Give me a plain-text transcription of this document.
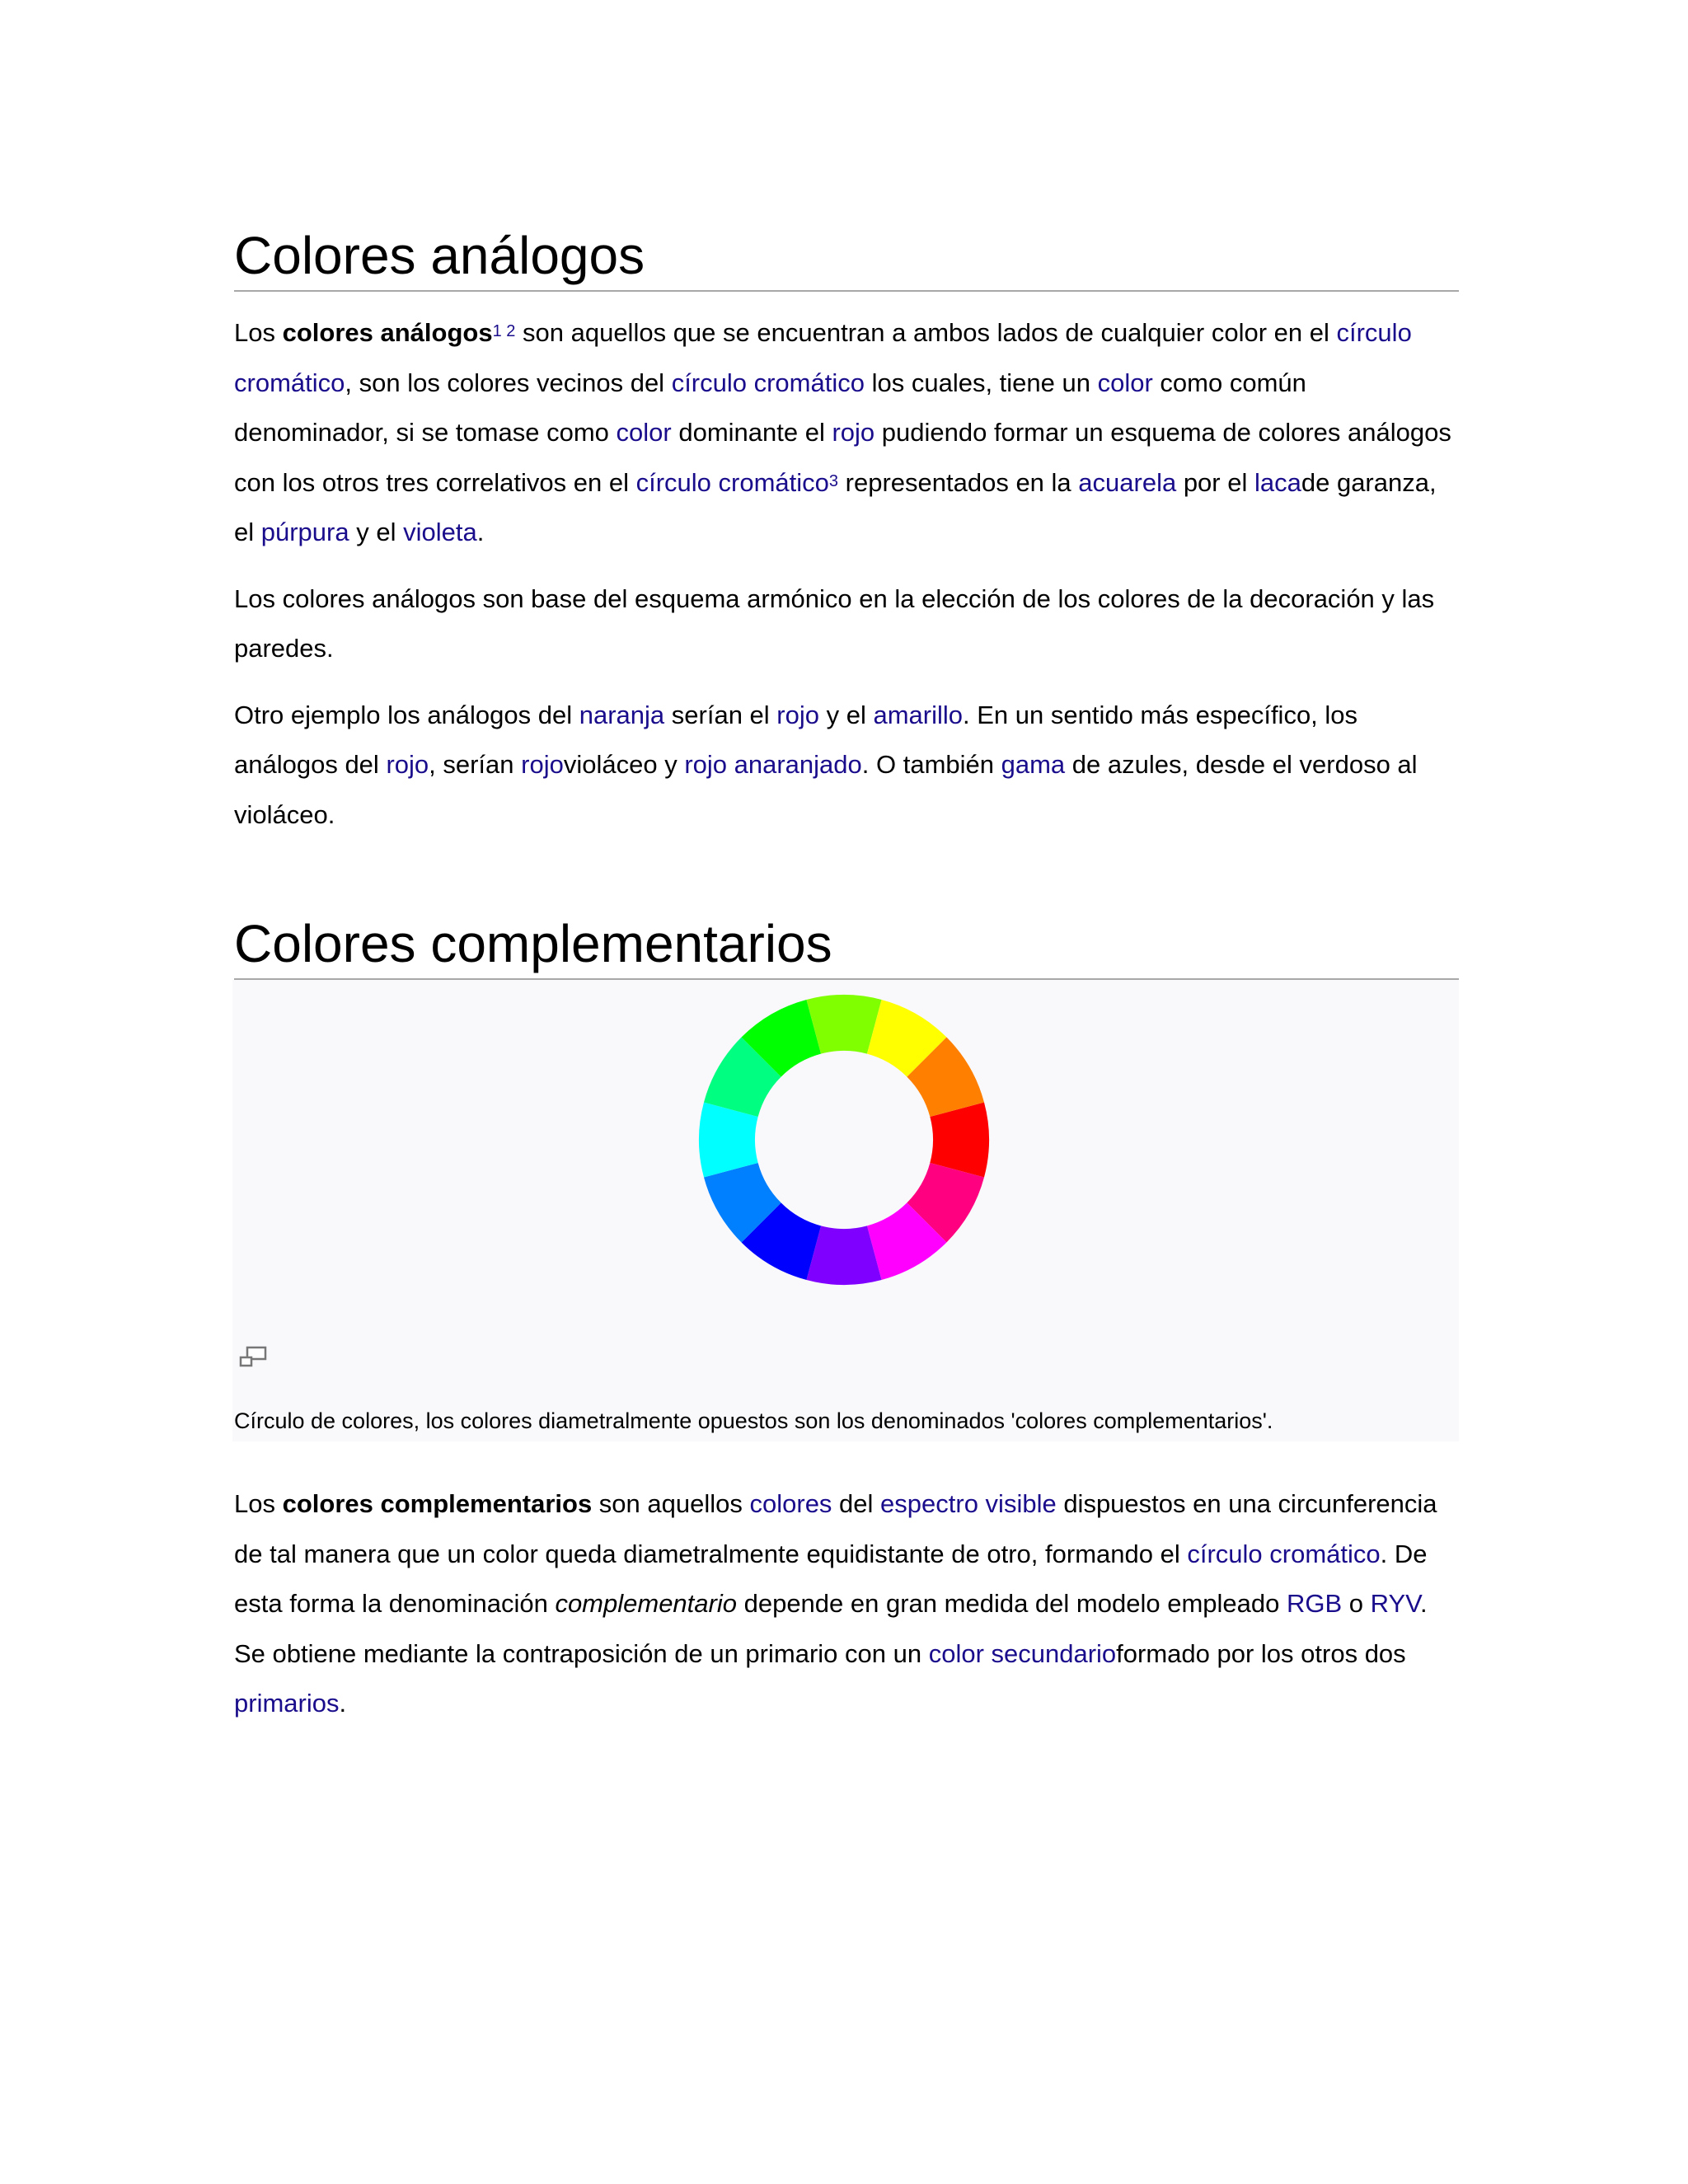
Colores análogos

Los colores análogos$^1$ $^2$ son aquellos que se encuentran a ambos lados de cualquier color en el círculo cromático, son los colores vecinos del círculo cromático los cuales, tiene un color como común denominador, si se tomase como color dominante el rojo pudiendo formar un esquema de colores análogos con los otros tres correlativos en el círculo cromático$^3$ representados en la acuarela por el lacade garanza, el púrpura y el violeta.

Los colores análogos son base del esquema armónico en la elección de los colores de la decoración y las paredes.

Otro ejemplo los análogos del naranja serían el rojo y el amarillo. En un sentido más específico, los análogos del rojo, serían rojovioláceo y rojo anaranjado. O también gama de azules, desde el verdoso al violáceo.

Colores complementarios
Círculo de colores, los colores diametralmente opuestos son los denominados 'colores complementarios'.

Los colores complementarios son aquellos colores del espectro visible dispuestos en una circunferencia de tal manera que un color queda diametralmente equidistante de otro, formando el círculo cromático. De esta forma la denominación complementario depende en gran medida del modelo empleado RGB o RYV. Se obtiene mediante la contraposición de un primario con un color secundarioformado por los otros dos primarios.
